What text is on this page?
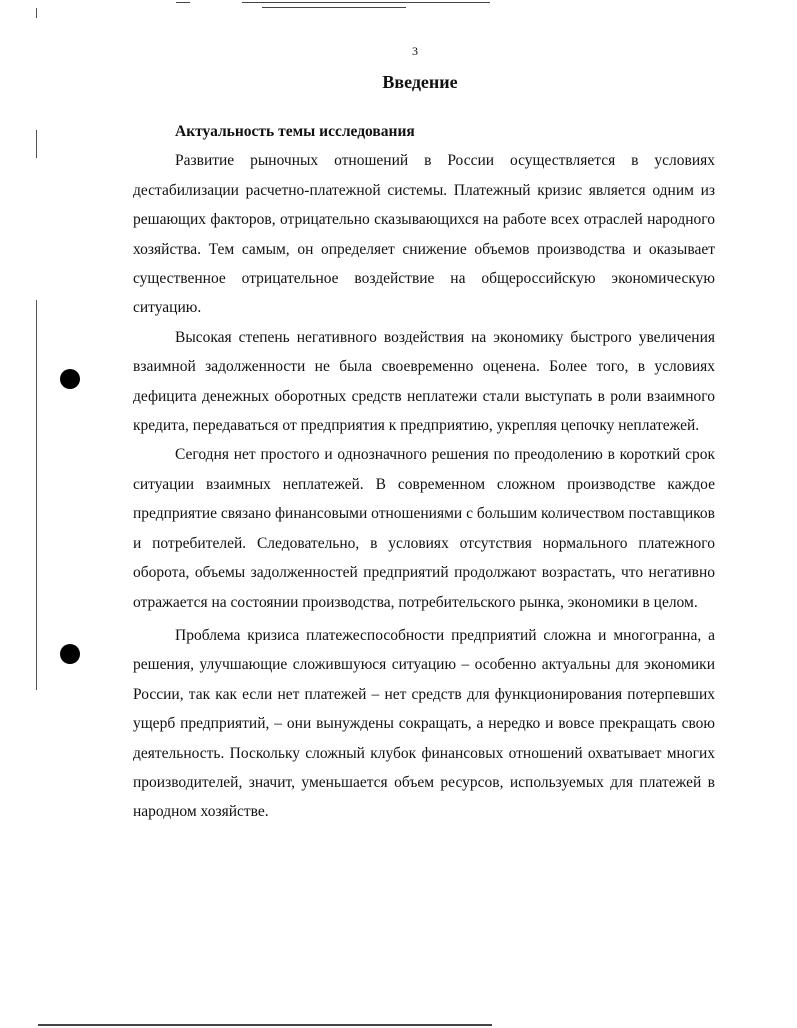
3
Введение

Актуальность темы исследования

Развитие рыночных отношений в России осуществляется в условиях дестабилизации расчетно-платежной системы. Платежный кризис является одним из решающих факторов, отрицательно сказывающихся на работе всех отраслей народного хозяйства. Тем самым, он определяет снижение объемов производства и оказывает существенное отрицательное воздействие на общероссийскую экономическую ситуацию.

Высокая степень негативного воздействия на экономику быстрого увеличения взаимной задолженности не была своевременно оценена. Более того, в условиях дефицита денежных оборотных средств неплатежи стали выступать в роли взаимного кредита, передаваться от предприятия к предприятию, укрепляя цепочку неплатежей.

Сегодня нет простого и однозначного решения по преодолению в короткий срок ситуации взаимных неплатежей. В современном сложном производстве каждое предприятие связано финансовыми отношениями с большим количеством поставщиков и потребителей. Следовательно, в условиях отсутствия нормального платежного оборота, объемы задолженностей предприятий продолжают возрастать, что негативно отражается на состоянии производства, потребительского рынка, экономики в целом.

Проблема кризиса платежеспособности предприятий сложна и многогранна, а решения, улучшающие сложившуюся ситуацию – особенно актуальны для экономики России, так как если нет платежей – нет средств для функционирования потерпевших ущерб предприятий, – они вынуждены сокращать, а нередко и вовсе прекращать свою деятельность. Поскольку сложный клубок финансовых отношений охватывает многих производителей, значит, уменьшается объем ресурсов, используемых для платежей в народном хозяйстве.
